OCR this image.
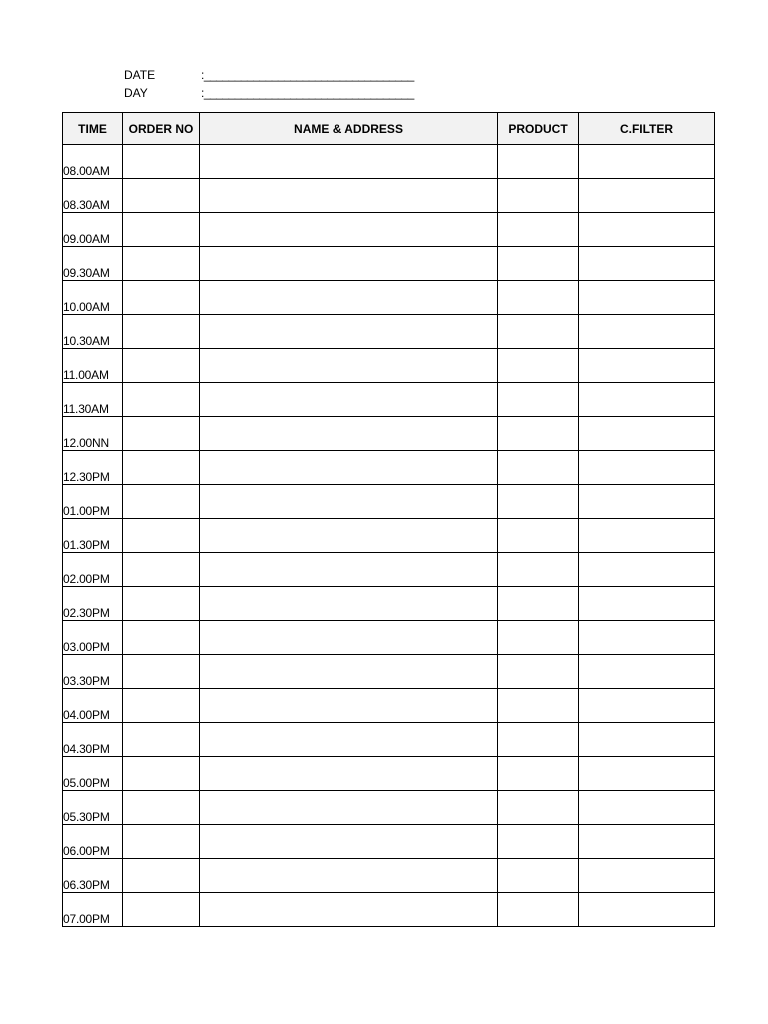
DATE	:__________________________________
DAY	:__________________________________
TIME	ORDER NO	NAME & ADDRESS	PRODUCT	C.FILTER
08.00AM				
08.30AM				
09.00AM				
09.30AM				
10.00AM				
10.30AM				
11.00AM				
11.30AM				
12.00NN				
12.30PM				
01.00PM				
01.30PM				
02.00PM				
02.30PM				
03.00PM				
03.30PM				
04.00PM				
04.30PM				
05.00PM				
05.30PM				
06.00PM				
06.30PM				
07.00PM				
